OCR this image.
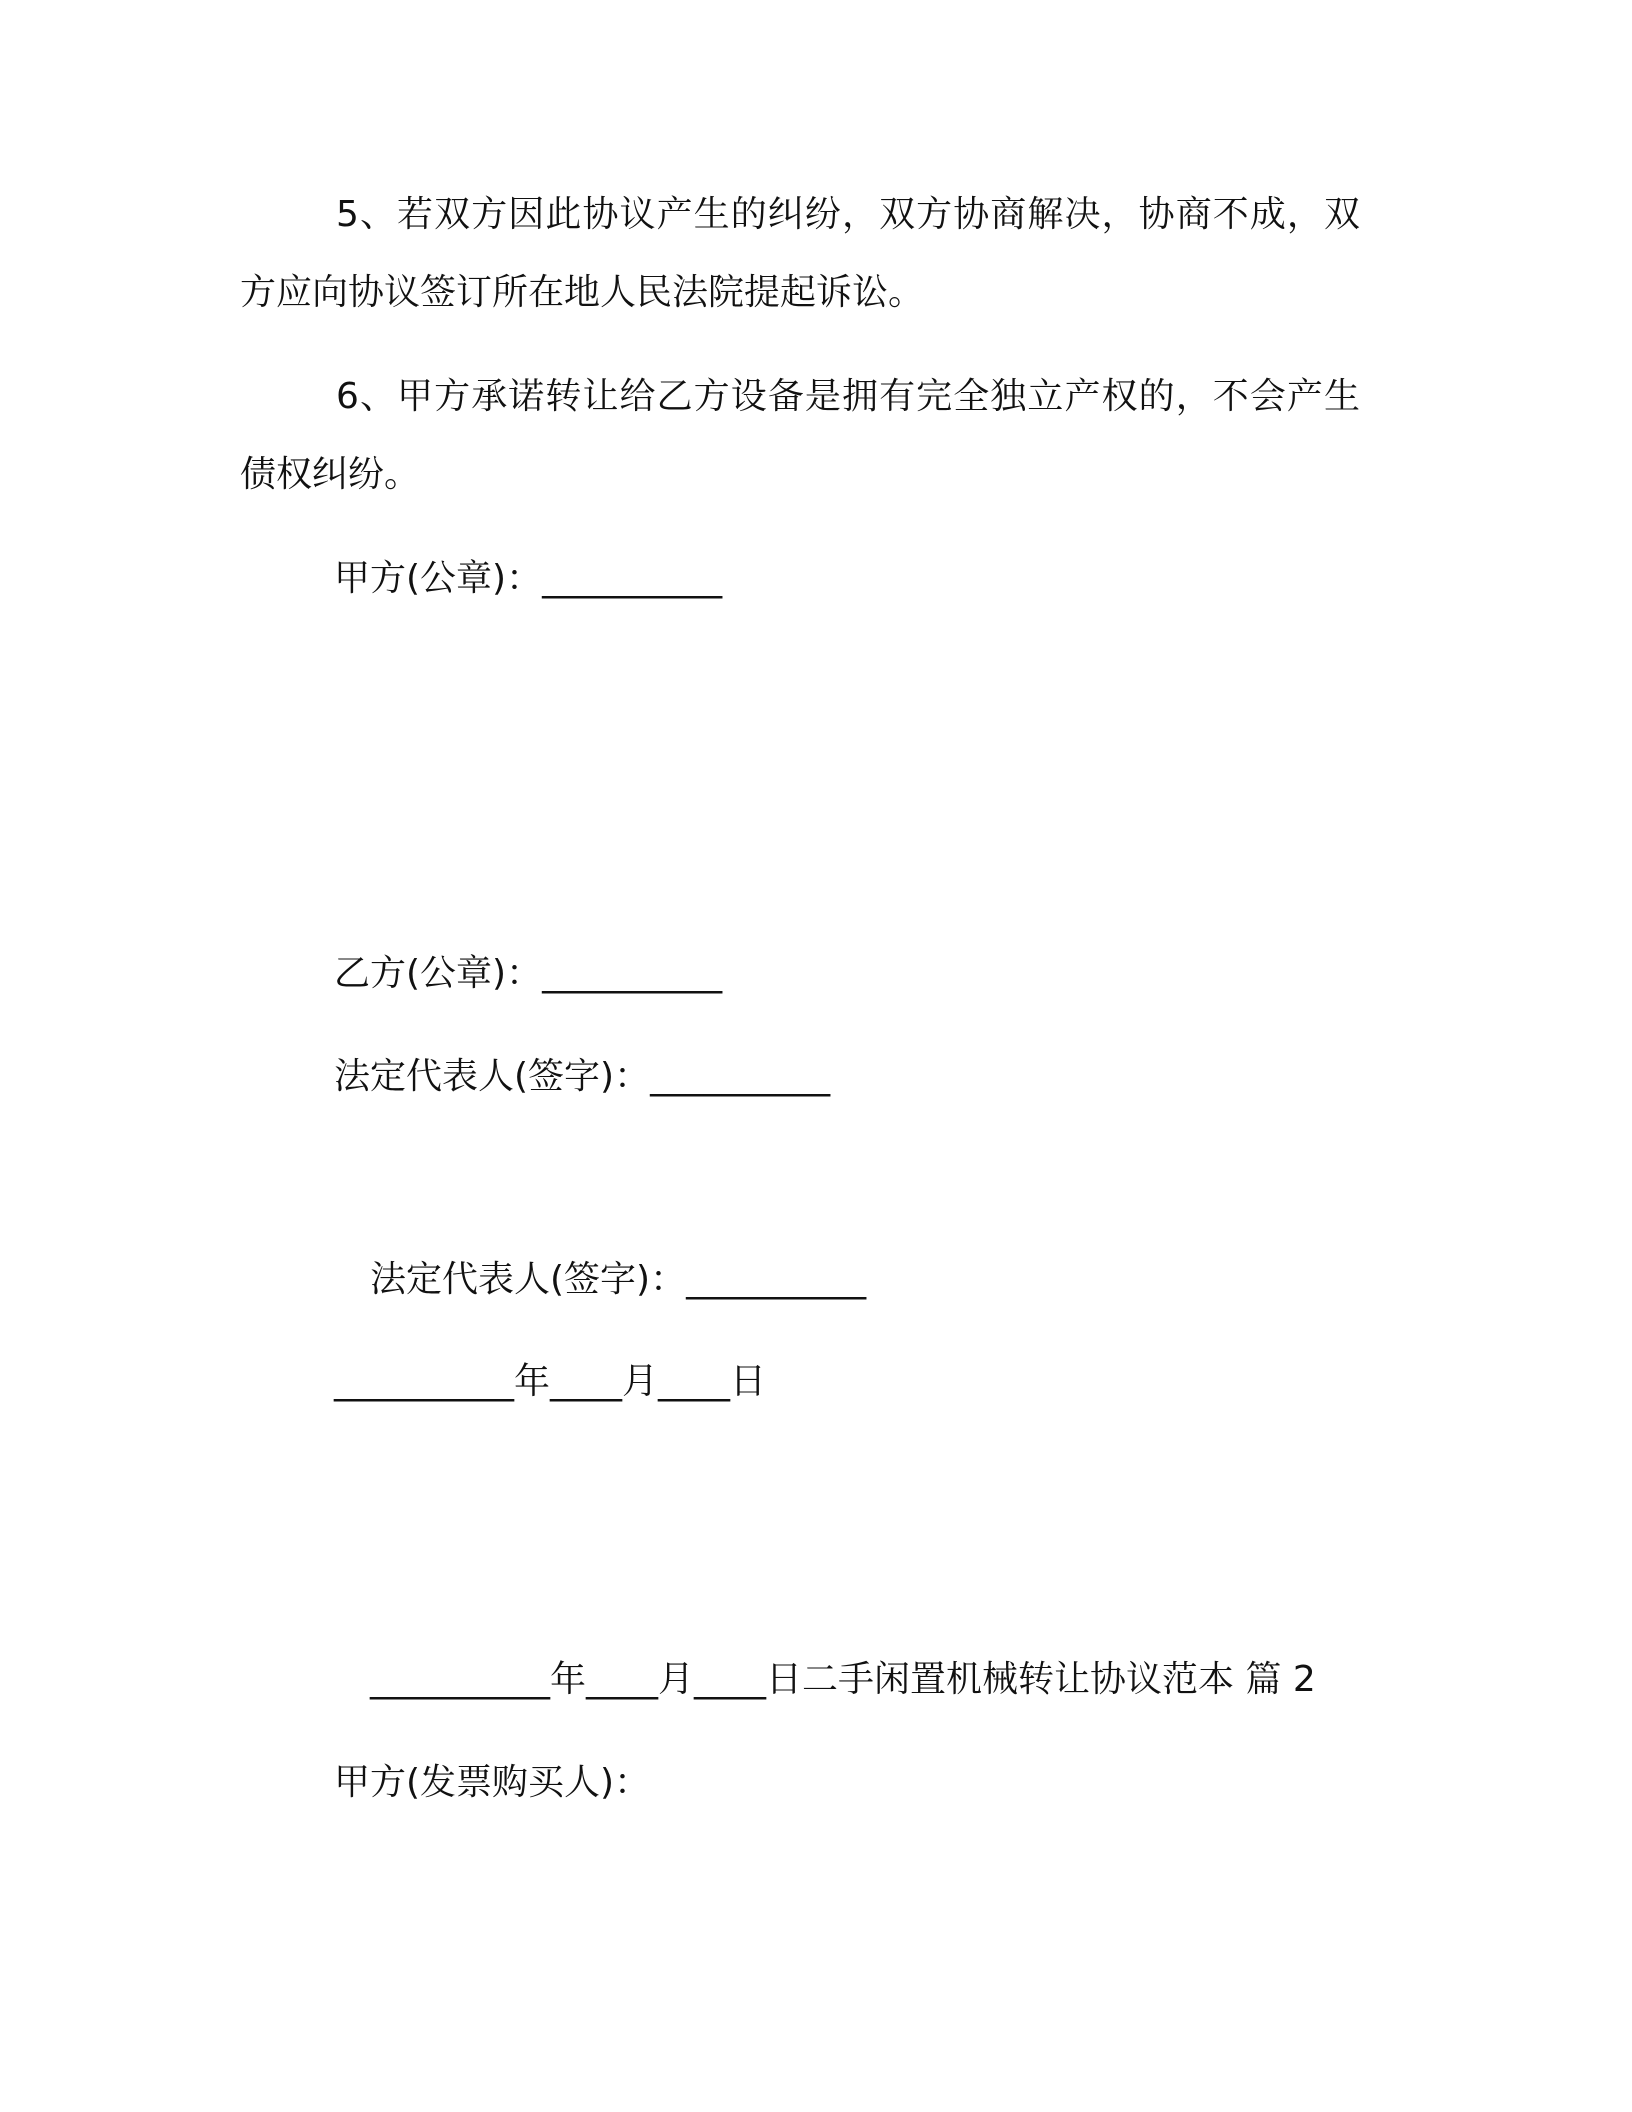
5、若双方因此协议产生的纠纷，双方协商解决，协商不成，双方应向协议签订所在地人民法院提起诉讼。

6、甲方承诺转让给乙方设备是拥有完全独立产权的，不会产生债权纠纷。

甲方(公章)：__________
乙方(公章)：__________
法定代表人(签字)：__________
法定代表人(签字)：__________
__________年____月____日
__________年____月____日二手闲置机械转让协议范本 篇 2
甲方(发票购买人)：
